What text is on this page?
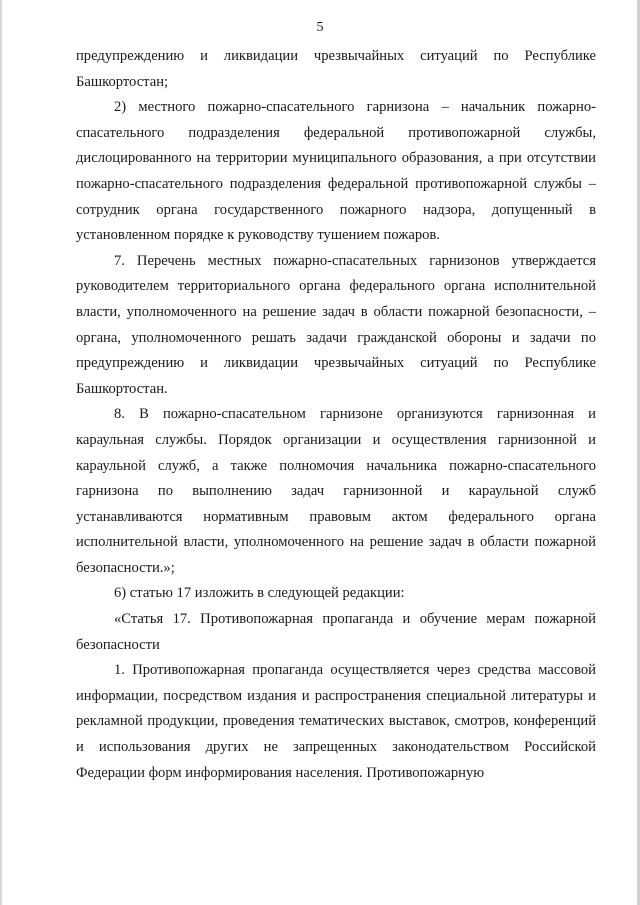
5

предупреждению и ликвидации чрезвычайных ситуаций по Республике Башкортостан;

2) местного пожарно-спасательного гарнизона – начальник пожарно-спасательного подразделения федеральной противопожарной службы, дислоцированного на территории муниципального образования, а при отсутствии пожарно-спасательного подразделения федеральной противопожарной службы – сотрудник органа государственного пожарного надзора, допущенный в установленном порядке к руководству тушением пожаров.

7. Перечень местных пожарно-спасательных гарнизонов утверждается руководителем территориального органа федерального органа исполнительной власти, уполномоченного на решение задач в области пожарной безопасности, – органа, уполномоченного решать задачи гражданской обороны и задачи по предупреждению и ликвидации чрезвычайных ситуаций по Республике Башкортостан.

8. В пожарно-спасательном гарнизоне организуются гарнизонная и караульная службы. Порядок организации и осуществления гарнизонной и караульной служб, а также полномочия начальника пожарно-спасательного гарнизона по выполнению задач гарнизонной и караульной служб устанавливаются нормативным правовым актом федерального органа исполнительной власти, уполномоченного на решение задач в области пожарной безопасности.»;

6) статью 17 изложить в следующей редакции:

«Статья 17. Противопожарная пропаганда и обучение мерам пожарной безопасности

1. Противопожарная пропаганда осуществляется через средства массовой информации, посредством издания и распространения специальной литературы и рекламной продукции, проведения тематических выставок, смотров, конференций и использования других не запрещенных законодательством Российской Федерации форм информирования населения. Противопожарную
